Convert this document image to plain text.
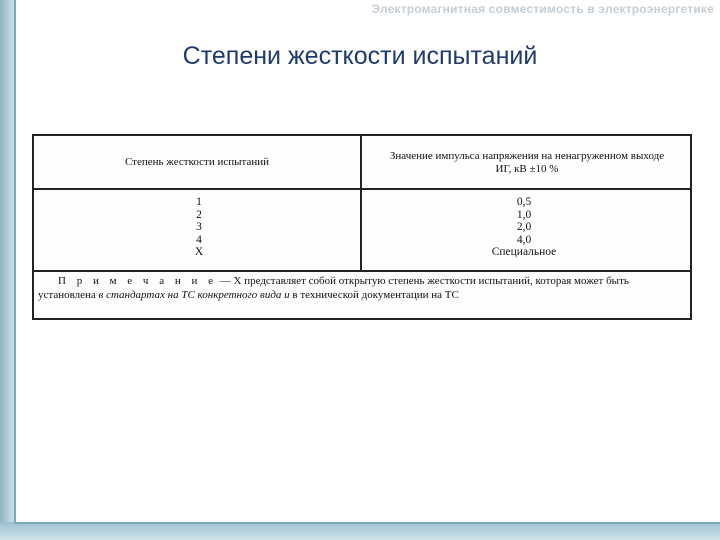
Электромагнитная совместимость в электроэнергетике
Степени жесткости испытаний
Степень жесткости испытаний	Значение импульса напряжения на ненагруженном выходе
ИГ, кВ ±10 %
1
2
3
4
X
0,5
1,0
2,0
4,0
Специальное
П р и м е ч а н и е — X представляет собой открытую степень жесткости испытаний, которая может быть
установлена в стандартах на ТС конкретного вида и в технической документации на ТС
